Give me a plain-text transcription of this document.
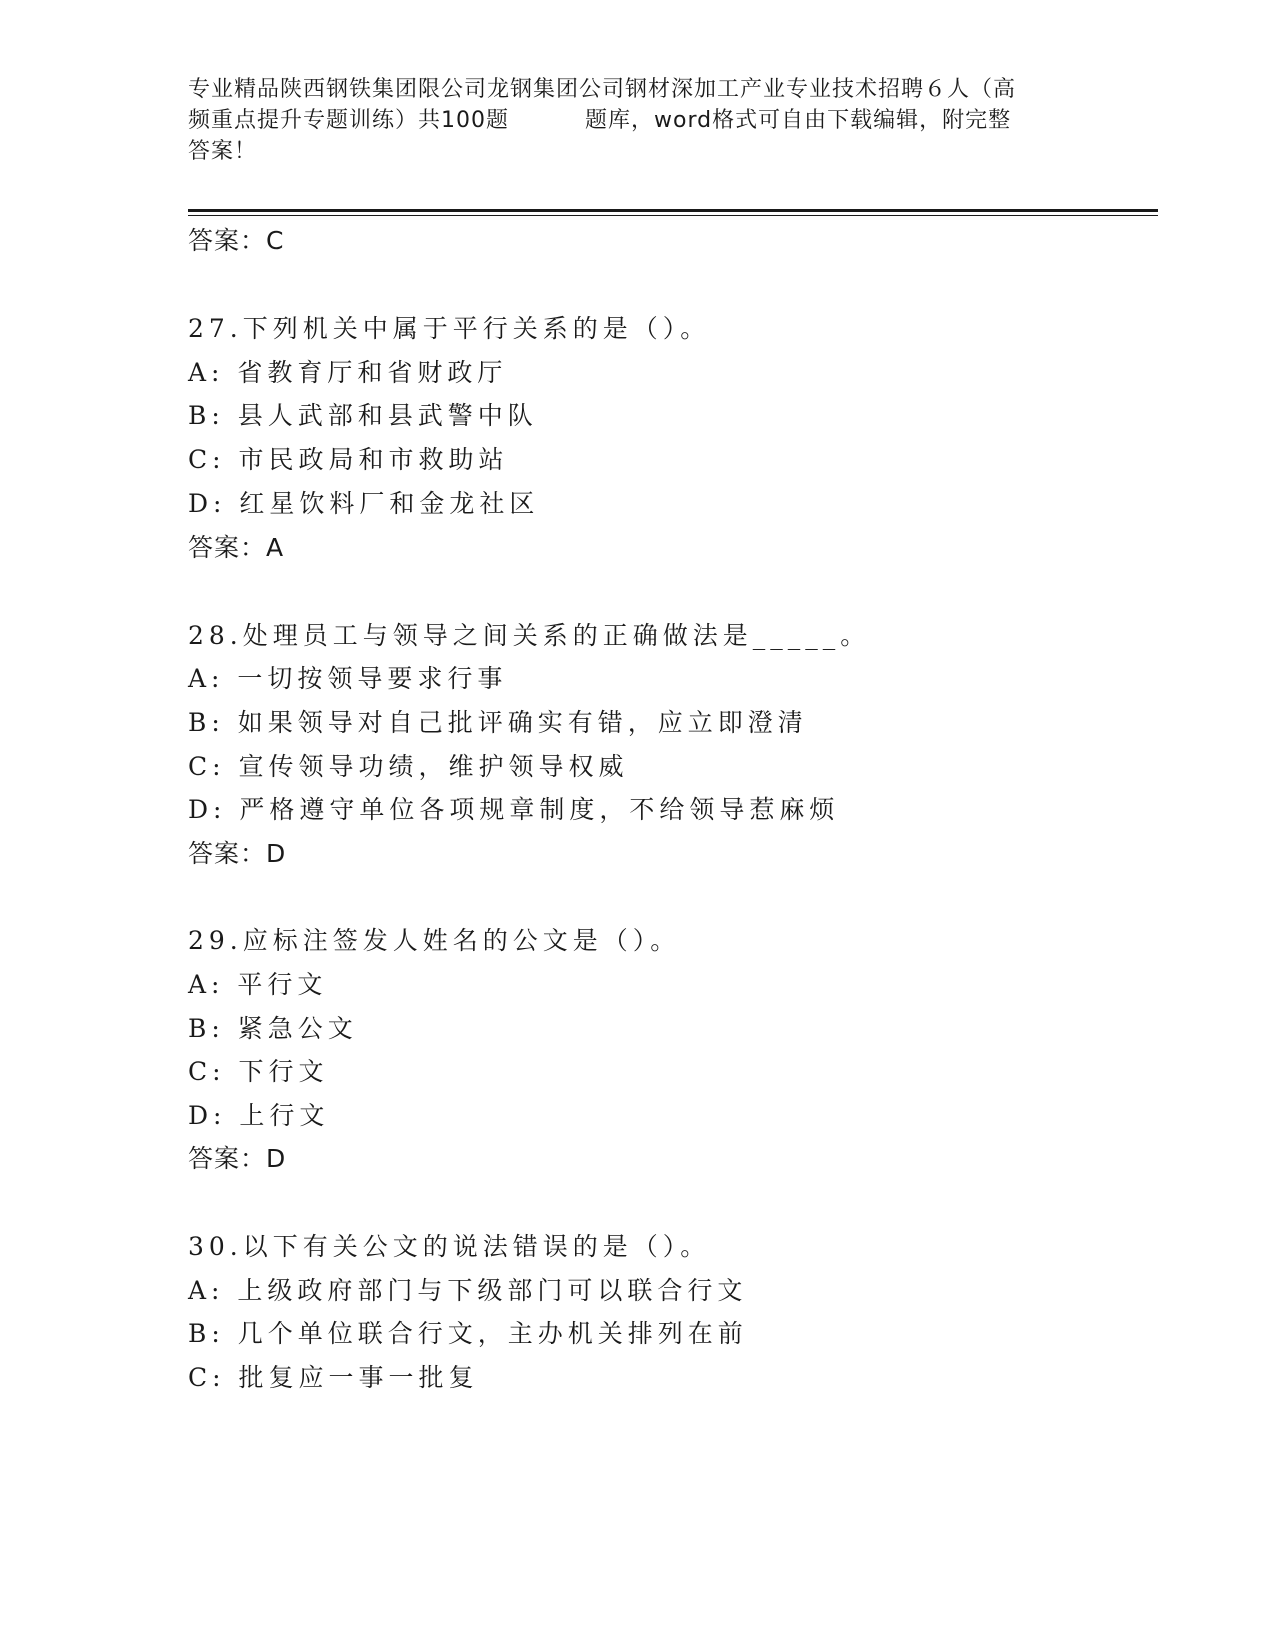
专业精品陕西钢铁集团限公司龙钢集团公司钢材深加工产业专业技术招聘６人（高
频重点提升专题训练）共100题	题库，word格式可自由下载编辑，附完整
答案！
答案：C
27.下列机关中属于平行关系的是（）。
A: 省教育厅和省财政厅
B: 县人武部和县武警中队
C: 市民政局和市救助站
D: 红星饮料厂和金龙社区
答案：A
28.处理员工与领导之间关系的正确做法是_____。
A: 一切按领导要求行事
B: 如果领导对自己批评确实有错，应立即澄清
C: 宣传领导功绩，维护领导权威
D: 严格遵守单位各项规章制度，不给领导惹麻烦
答案：D
29.应标注签发人姓名的公文是（）。
A: 平行文
B: 紧急公文
C: 下行文
D: 上行文
答案：D
30.以下有关公文的说法错误的是（）。
A: 上级政府部门与下级部门可以联合行文
B: 几个单位联合行文，主办机关排列在前
C: 批复应一事一批复
